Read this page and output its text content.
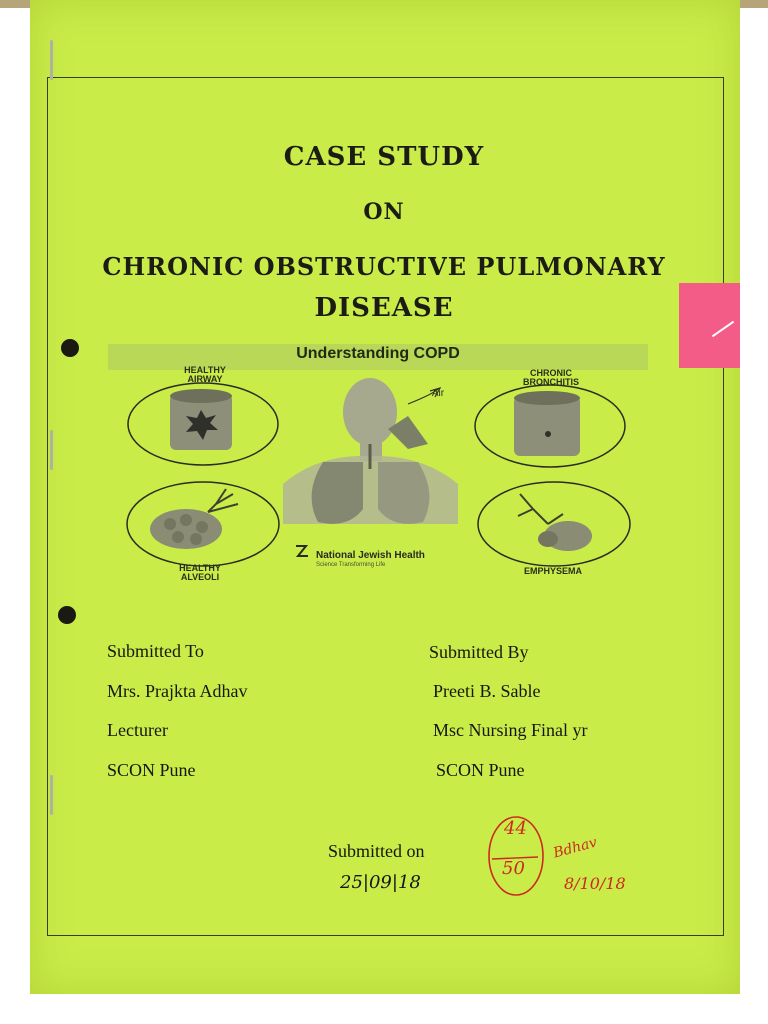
CASE STUDY
ON
CHRONIC OBSTRUCTIVE PULMONARY
DISEASE
Understanding COPD
HEALTHY
AIRWAY
CHRONIC
BRONCHITIS
HEALTHY
ALVEOLI
EMPHYSEMA
Air
National Jewish Health
Science Transforming Life
Submitted To
Mrs. Prajkta Adhav
Lecturer
SCON Pune
Submitted By
Preeti B. Sable
Msc Nursing Final yr
SCON Pune
Submitted on
25|09|18
44
50
Bdhav
8/10/18
